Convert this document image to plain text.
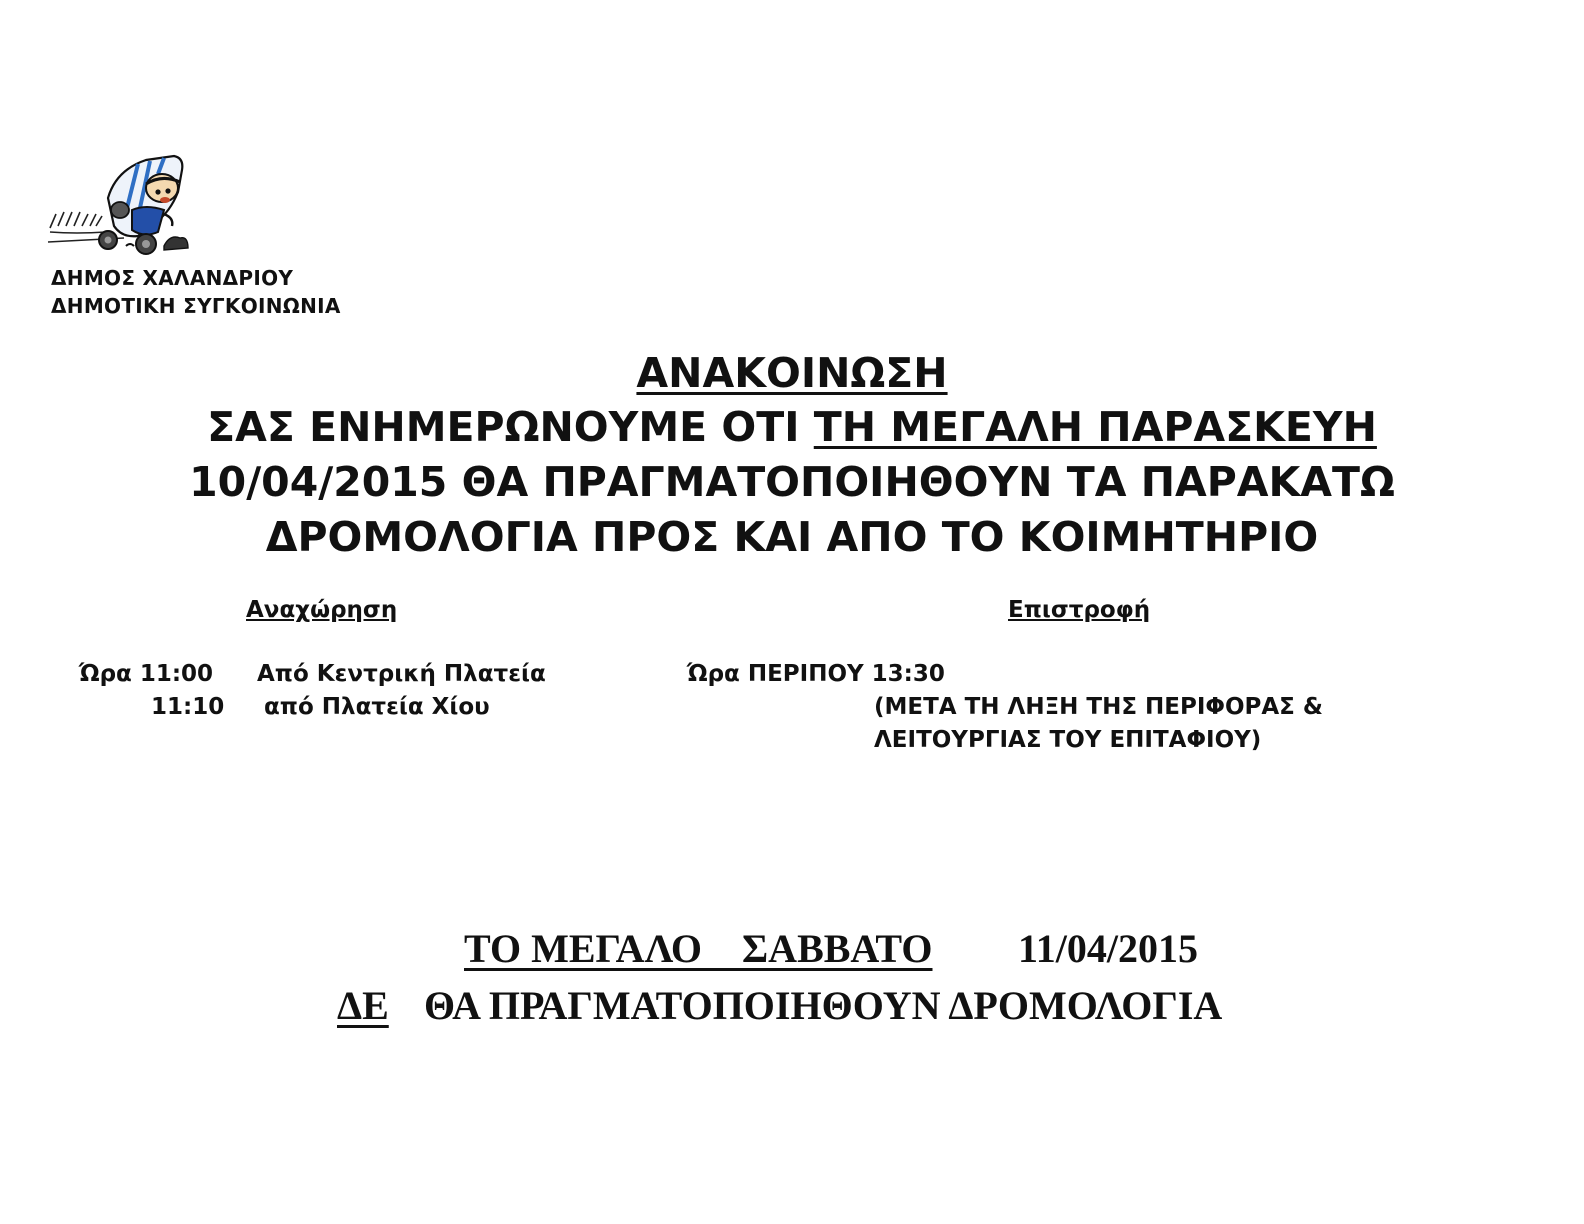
ΔΗΜΟΣ ΧΑΛΑΝΔΡΙΟΥ
ΔΗΜΟΤΙΚΗ ΣΥΓΚΟΙΝΩΝΙΑ
ΑΝΑΚΟΙΝΩΣΗ
ΣΑΣ ΕΝΗΜΕΡΩΝΟΥΜΕ ΟΤΙ ΤΗ ΜΕΓΑΛΗ ΠΑΡΑΣΚΕΥΗ
10/04/2015 ΘΑ ΠΡΑΓΜΑΤΟΠΟΙΗΘΟΥΝ ΤΑ ΠΑΡΑΚΑΤΩ
ΔΡΟΜΟΛΟΓΙΑ ΠΡΟΣ ΚΑΙ ΑΠΟ ΤΟ ΚΟΙΜΗΤΗΡΙΟ
Αναχώρηση	Επιστροφή
Ώρα 11:00 Από Κεντρική Πλατεία
11:10 από Πλατεία Χίου
Ώρα ΠΕΡΙΠΟΥ 13:30
(ΜΕΤΑ ΤΗ ΛΗΞΗ ΤΗΣ ΠΕΡΙΦΟΡΑΣ &
ΛΕΙΤΟΥΡΓΙΑΣ ΤΟΥ ΕΠΙΤΑΦΙΟΥ)
ΤΟ ΜΕΓΑΛΟ    ΣΑΒΒΑΤΟ 11/04/2015
ΔΕ ΘΑ ΠΡΑΓΜΑΤΟΠΟΙΗΘΟΥΝ ΔΡΟΜΟΛΟΓΙΑ
